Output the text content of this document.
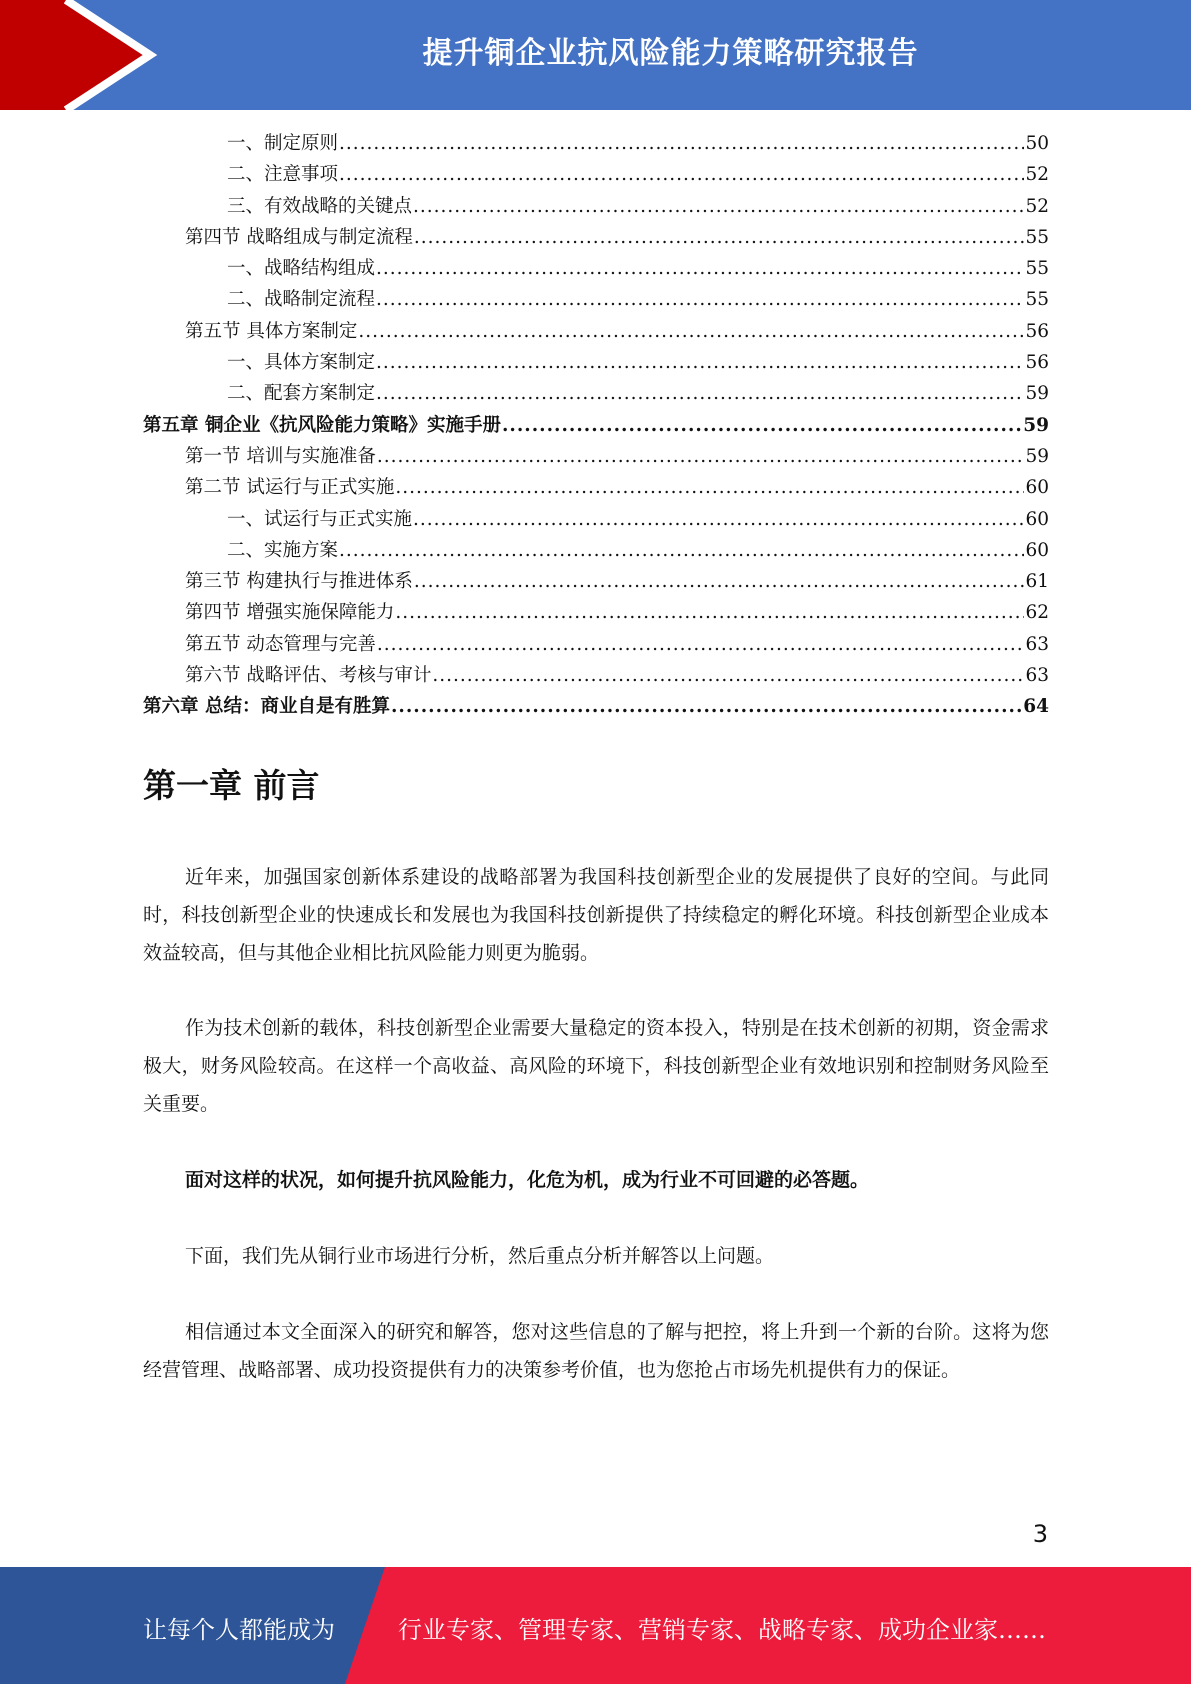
提升铜企业抗风险能力策略研究报告
一、制定原则 .....	50
二、注意事项 .....	52
三、有效战略的关键点 .....	52
第四节 战略组成与制定流程 .....	55
一、战略结构组成 .....	55
二、战略制定流程 .....	55
第五节 具体方案制定 .....	56
一、具体方案制定 .....	56
二、配套方案制定 .....	59
第五章 铜企业《抗风险能力策略》实施手册 .....	59
第一节 培训与实施准备 .....	59
第二节 试运行与正式实施 .....	60
一、试运行与正式实施 .....	60
二、实施方案 .....	60
第三节 构建执行与推进体系 .....	61
第四节 增强实施保障能力 .....	62
第五节 动态管理与完善 .....	63
第六节 战略评估、考核与审计 .....	63
第六章 总结：商业自是有胜算 .....	64
第一章 前言
近年来，加强国家创新体系建设的战略部署为我国科技创新型企业的发展提供了良好的空间。与此同时，科技创新型企业的快速成长和发展也为我国科技创新提供了持续稳定的孵化环境。科技创新型企业成本效益较高，但与其他企业相比抗风险能力则更为脆弱。
作为技术创新的载体，科技创新型企业需要大量稳定的资本投入，特别是在技术创新的初期，资金需求极大，财务风险较高。在这样一个高收益、高风险的环境下，科技创新型企业有效地识别和控制财务风险至关重要。
面对这样的状况，如何提升抗风险能力，化危为机，成为行业不可回避的必答题。
下面，我们先从铜行业市场进行分析，然后重点分析并解答以上问题。
相信通过本文全面深入的研究和解答，您对这些信息的了解与把控，将上升到一个新的台阶。这将为您经营管理、战略部署、成功投资提供有力的决策参考价值，也为您抢占市场先机提供有力的保证。
3
让每个人都能成为	行业专家、管理专家、营销专家、战略专家、成功企业家……
